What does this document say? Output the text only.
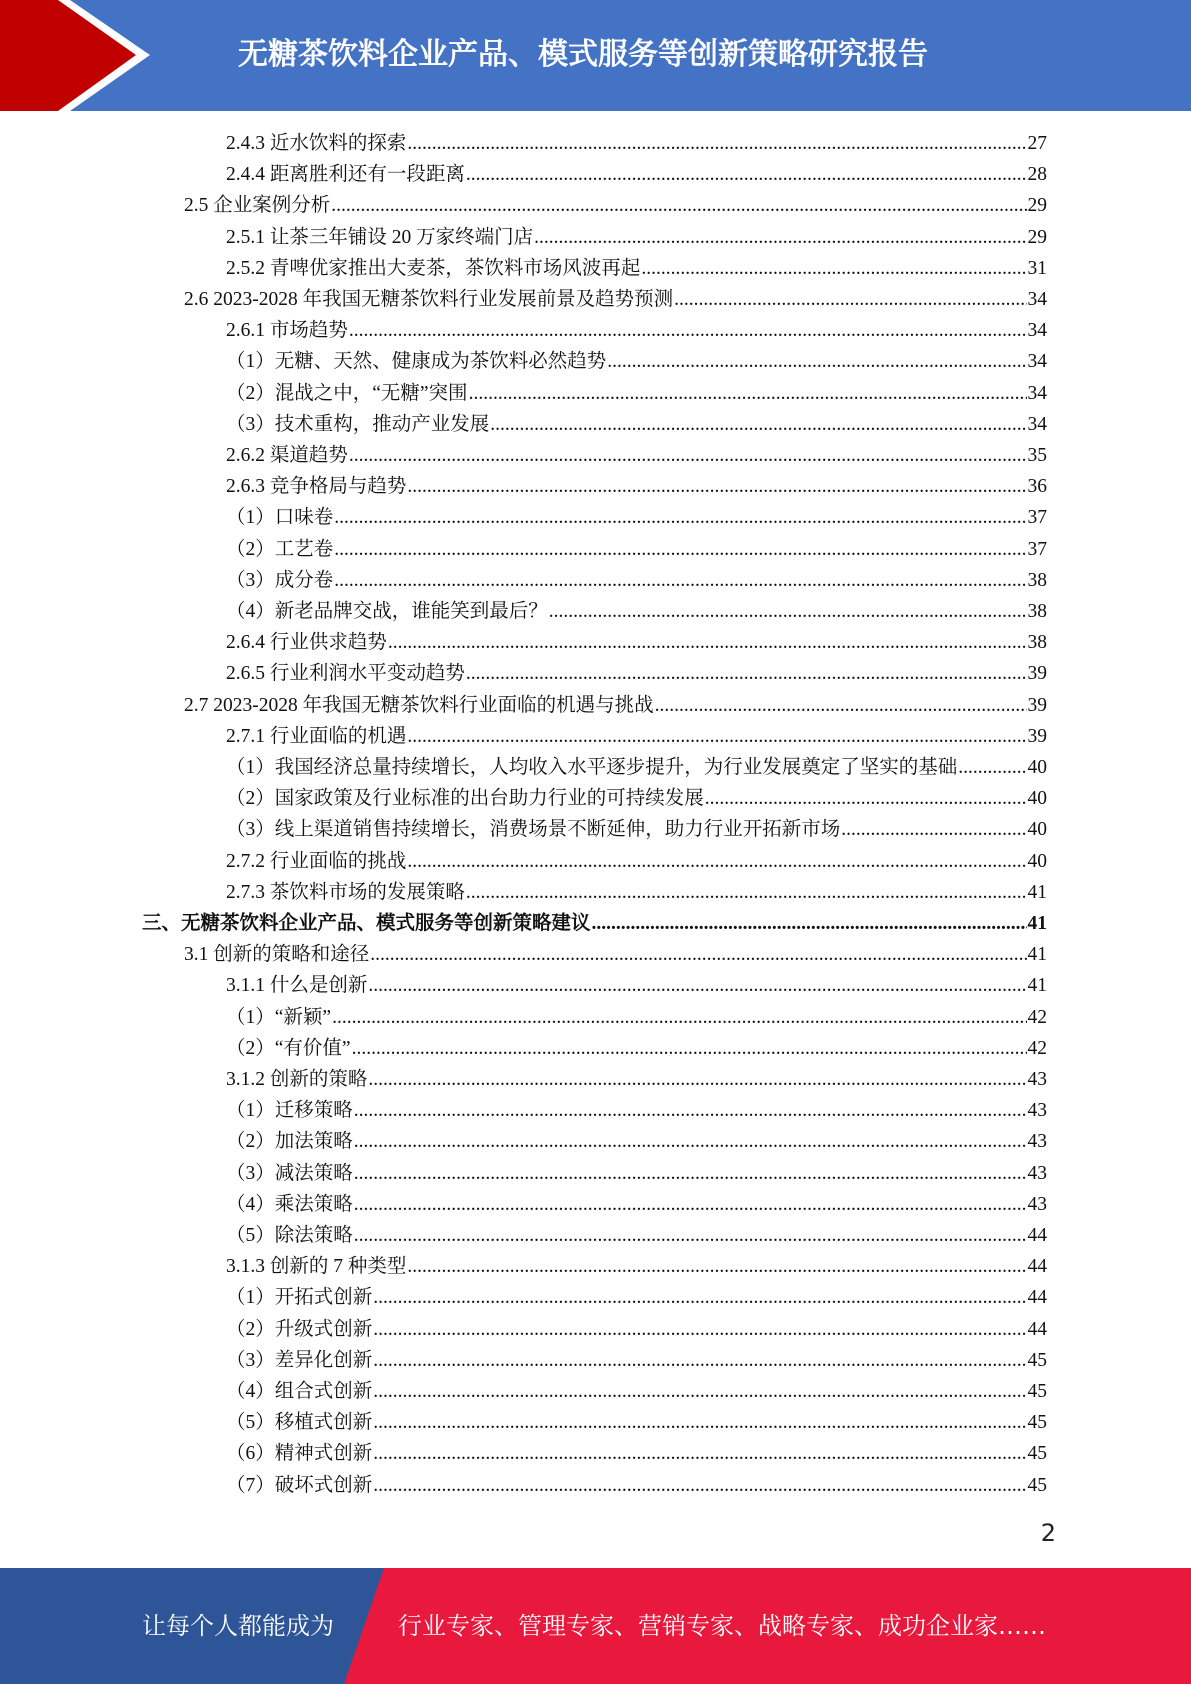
无糖茶饮料企业产品、模式服务等创新策略研究报告
2.4.3 近水饮料的探索 .....	27
2.4.4 距离胜利还有一段距离 .....	28
2.5 企业案例分析 .....	29
2.5.1 让茶三年铺设 20 万家终端门店 .....	29
2.5.2 青啤优家推出大麦茶，茶饮料市场风波再起 .....	31
2.6 2023-2028 年我国无糖茶饮料行业发展前景及趋势预测 .....	34
2.6.1 市场趋势 .....	34
（1）无糖、天然、健康成为茶饮料必然趋势 .....	34
（2）混战之中，“无糖”突围 .....	34
（3）技术重构，推动产业发展 .....	34
2.6.2 渠道趋势 .....	35
2.6.3 竞争格局与趋势 .....	36
（1）口味卷 .....	37
（2）工艺卷 .....	37
（3）成分卷 .....	38
（4）新老品牌交战，谁能笑到最后？ .....	38
2.6.4 行业供求趋势 .....	38
2.6.5 行业利润水平变动趋势 .....	39
2.7 2023-2028 年我国无糖茶饮料行业面临的机遇与挑战 .....	39
2.7.1 行业面临的机遇 .....	39
（1）我国经济总量持续增长，人均收入水平逐步提升，为行业发展奠定了坚实的基础 .....	40
（2）国家政策及行业标准的出台助力行业的可持续发展 .....	40
（3）线上渠道销售持续增长，消费场景不断延伸，助力行业开拓新市场 .....	40
2.7.2 行业面临的挑战 .....	40
2.7.3 茶饮料市场的发展策略 .....	41
三、无糖茶饮料企业产品、模式服务等创新策略建议 .....	41
3.1 创新的策略和途径 .....	41
3.1.1 什么是创新 .....	41
（1）“新颖” .....	42
（2）“有价值” .....	42
3.1.2 创新的策略 .....	43
（1）迁移策略 .....	43
（2）加法策略 .....	43
（3）减法策略 .....	43
（4）乘法策略 .....	43
（5）除法策略 .....	44
3.1.3 创新的 7 种类型 .....	44
（1）开拓式创新 .....	44
（2）升级式创新 .....	44
（3）差异化创新 .....	45
（4）组合式创新 .....	45
（5）移植式创新 .....	45
（6）精神式创新 .....	45
（7）破坏式创新 .....	45
2
让每个人都能成为	行业专家、管理专家、营销专家、战略专家、成功企业家……
